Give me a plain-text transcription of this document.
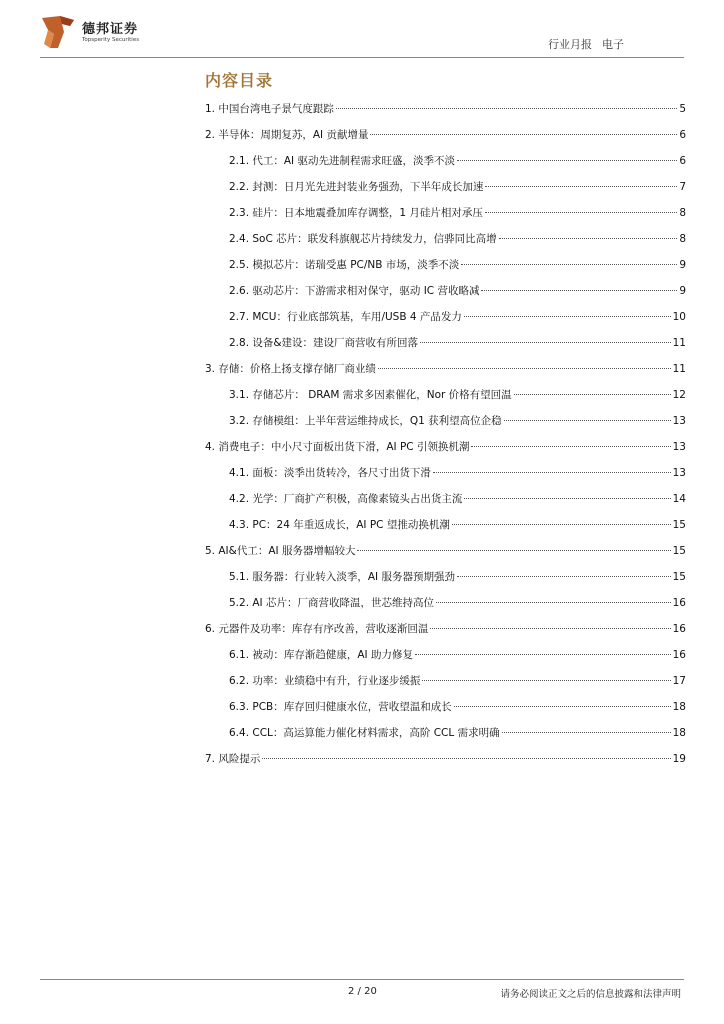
德邦证券
Topsperity Securities	行业月报 电子
内容目录
1. 中国台湾电子景气度跟踪	5
2. 半导体：周期复苏，AI 贡献增量	6
2.1. 代工：AI 驱动先进制程需求旺盛，淡季不淡	6
2.2. 封测：日月光先进封装业务强劲，下半年成长加速	7
2.3. 硅片：日本地震叠加库存调整，1 月硅片相对承压	8
2.4. SoC 芯片：联发科旗舰芯片持续发力，信骅同比高增	8
2.5. 模拟芯片：诺瑞受惠 PC/NB 市场，淡季不淡	9
2.6. 驱动芯片：下游需求相对保守，驱动 IC 营收略减	9
2.7. MCU：行业底部筑基，车用/USB 4 产品发力	10
2.8. 设备&建设：建设厂商营收有所回落	11
3. 存储：价格上扬支撑存储厂商业绩	11
3.1. 存储芯片： DRAM 需求多因素催化，Nor 价格有望回温	12
3.2. 存储模组：上半年营运维持成长，Q1 获利望高位企稳	13
4. 消费电子：中小尺寸面板出货下滑，AI PC 引领换机潮	13
4.1. 面板：淡季出货转冷，各尺寸出货下滑	13
4.2. 光学：厂商扩产积极，高像素镜头占出货主流	14
4.3. PC：24 年重返成长，AI PC 望推动换机潮	15
5. AI&代工：AI 服务器增幅较大	15
5.1. 服务器：行业转入淡季，AI 服务器预期强劲	15
5.2. AI 芯片：厂商营收降温，世芯维持高位	16
6. 元器件及功率：库存有序改善，营收逐渐回温	16
6.1. 被动：库存渐趋健康，AI 助力修复	16
6.2. 功率：业绩稳中有升，行业逐步缓振	17
6.3. PCB：库存回归健康水位，营收望温和成长	18
6.4. CCL：高运算能力催化材料需求，高阶 CCL 需求明确	18
7. 风险提示	19
2 / 20	请务必阅读正文之后的信息披露和法律声明
